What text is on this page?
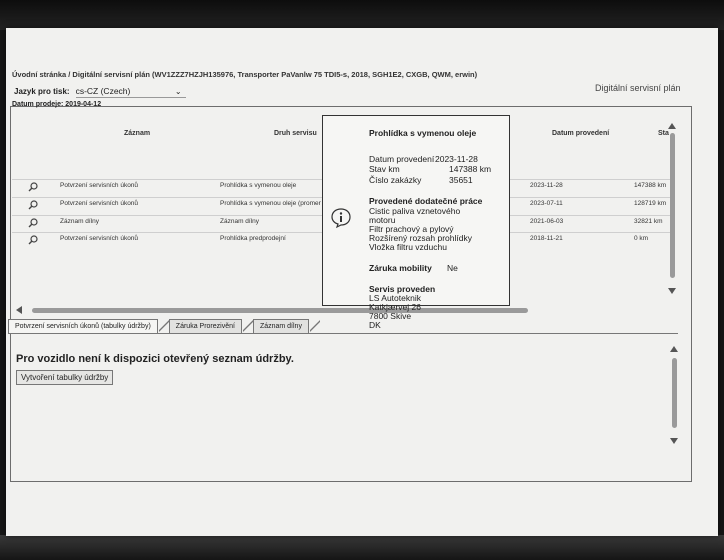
Úvodní stránka / Digitální servisní plán (WV1ZZZ7HZJH135976, Transporter PaVanlw 75 TDI5-s, 2018, SGH1E2, CXGB, QWM, erwin)
Jazyk pro tisk: cs-CZ (Czech)	⌄	Digitální servisní plán
Datum prodeje: 2019-04-12
Záznam	Druh servisu	Datum provedení	Sta
Potvrzení servisních úkonů	Prohlídka s vymenou oleje	2023-11-28	147388 km
Potvrzení servisních úkonů	Prohlídka s vymenou oleje (promer	2023-07-11	128719 km
Záznam dílny	Záznam dílny	2021-06-03	32821 km
Potvrzení servisních úkonů	Prohlídka predprodejní	2018-11-21	0 km
Prohlídka s vymenou oleje
Datum provedení 2023-11-28
Stav km	147388 km
Číslo zakázky	35651
Provedené dodatečné práce
Cistic paliva vznetového
motoru
Filtr prachový a pylový
Rozšírený rozsah prohlídky
Vložka filtru vzduchu
Záruka mobility Ne
Servis proveden
LS Autoteknik
Katkjærvej 26
7800 Skive
DK
Potvrzení servisních úkonů (tabulky údržby)	Záruka Prorezivění	Záznam dílny
Pro vozidlo není k dispozici otevřený seznam údržby.
Vytvoření tabulky údržby
